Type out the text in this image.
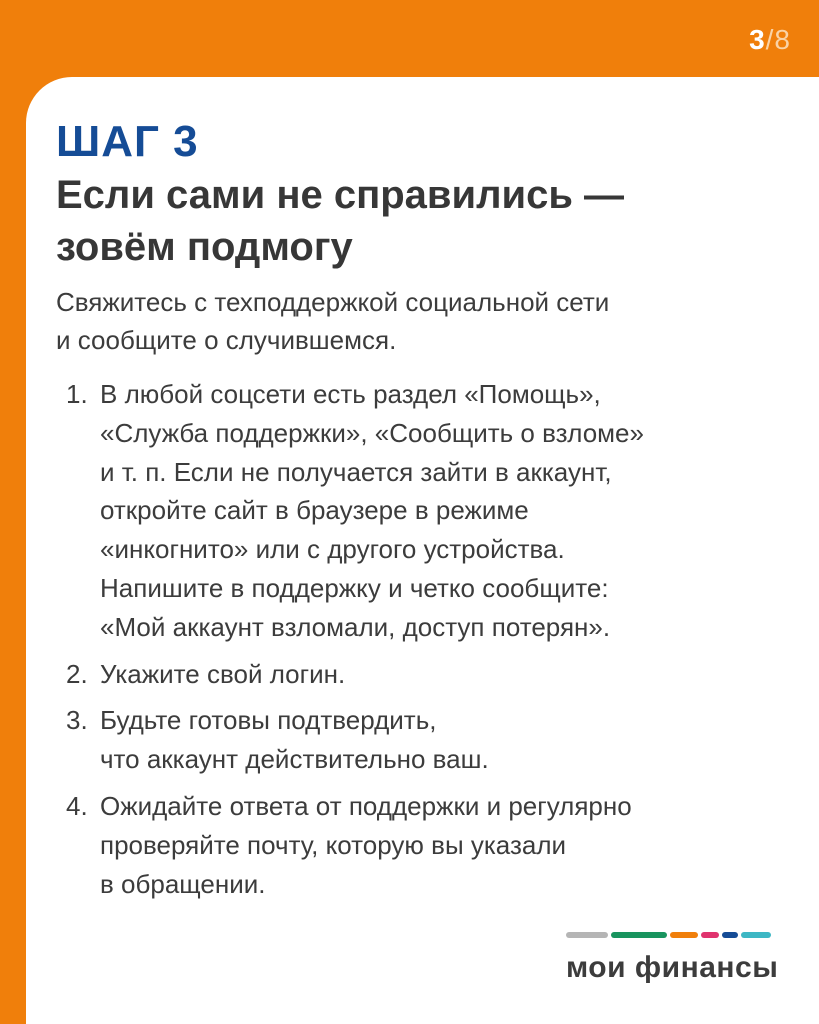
3/8
ШАГ 3
Если сами не справились —
зовём подмогу
Свяжитесь с техподдержкой социальной сети
и сообщите о случившемся.
1. В любой соцсети есть раздел «Помощь»,
«Служба поддержки», «Сообщить о взломе»
и т. п. Если не получается зайти в аккаунт,
откройте сайт в браузере в режиме
«инкогнито» или с другого устройства.
Напишите в поддержку и четко сообщите:
«Мой аккаунт взломали, доступ потерян».
2. Укажите свой логин.
3. Будьте готовы подтвердить,
что аккаунт действительно ваш.
4. Ожидайте ответа от поддержки и регулярно
проверяйте почту, которую вы указали
в обращении.
мои финансы
